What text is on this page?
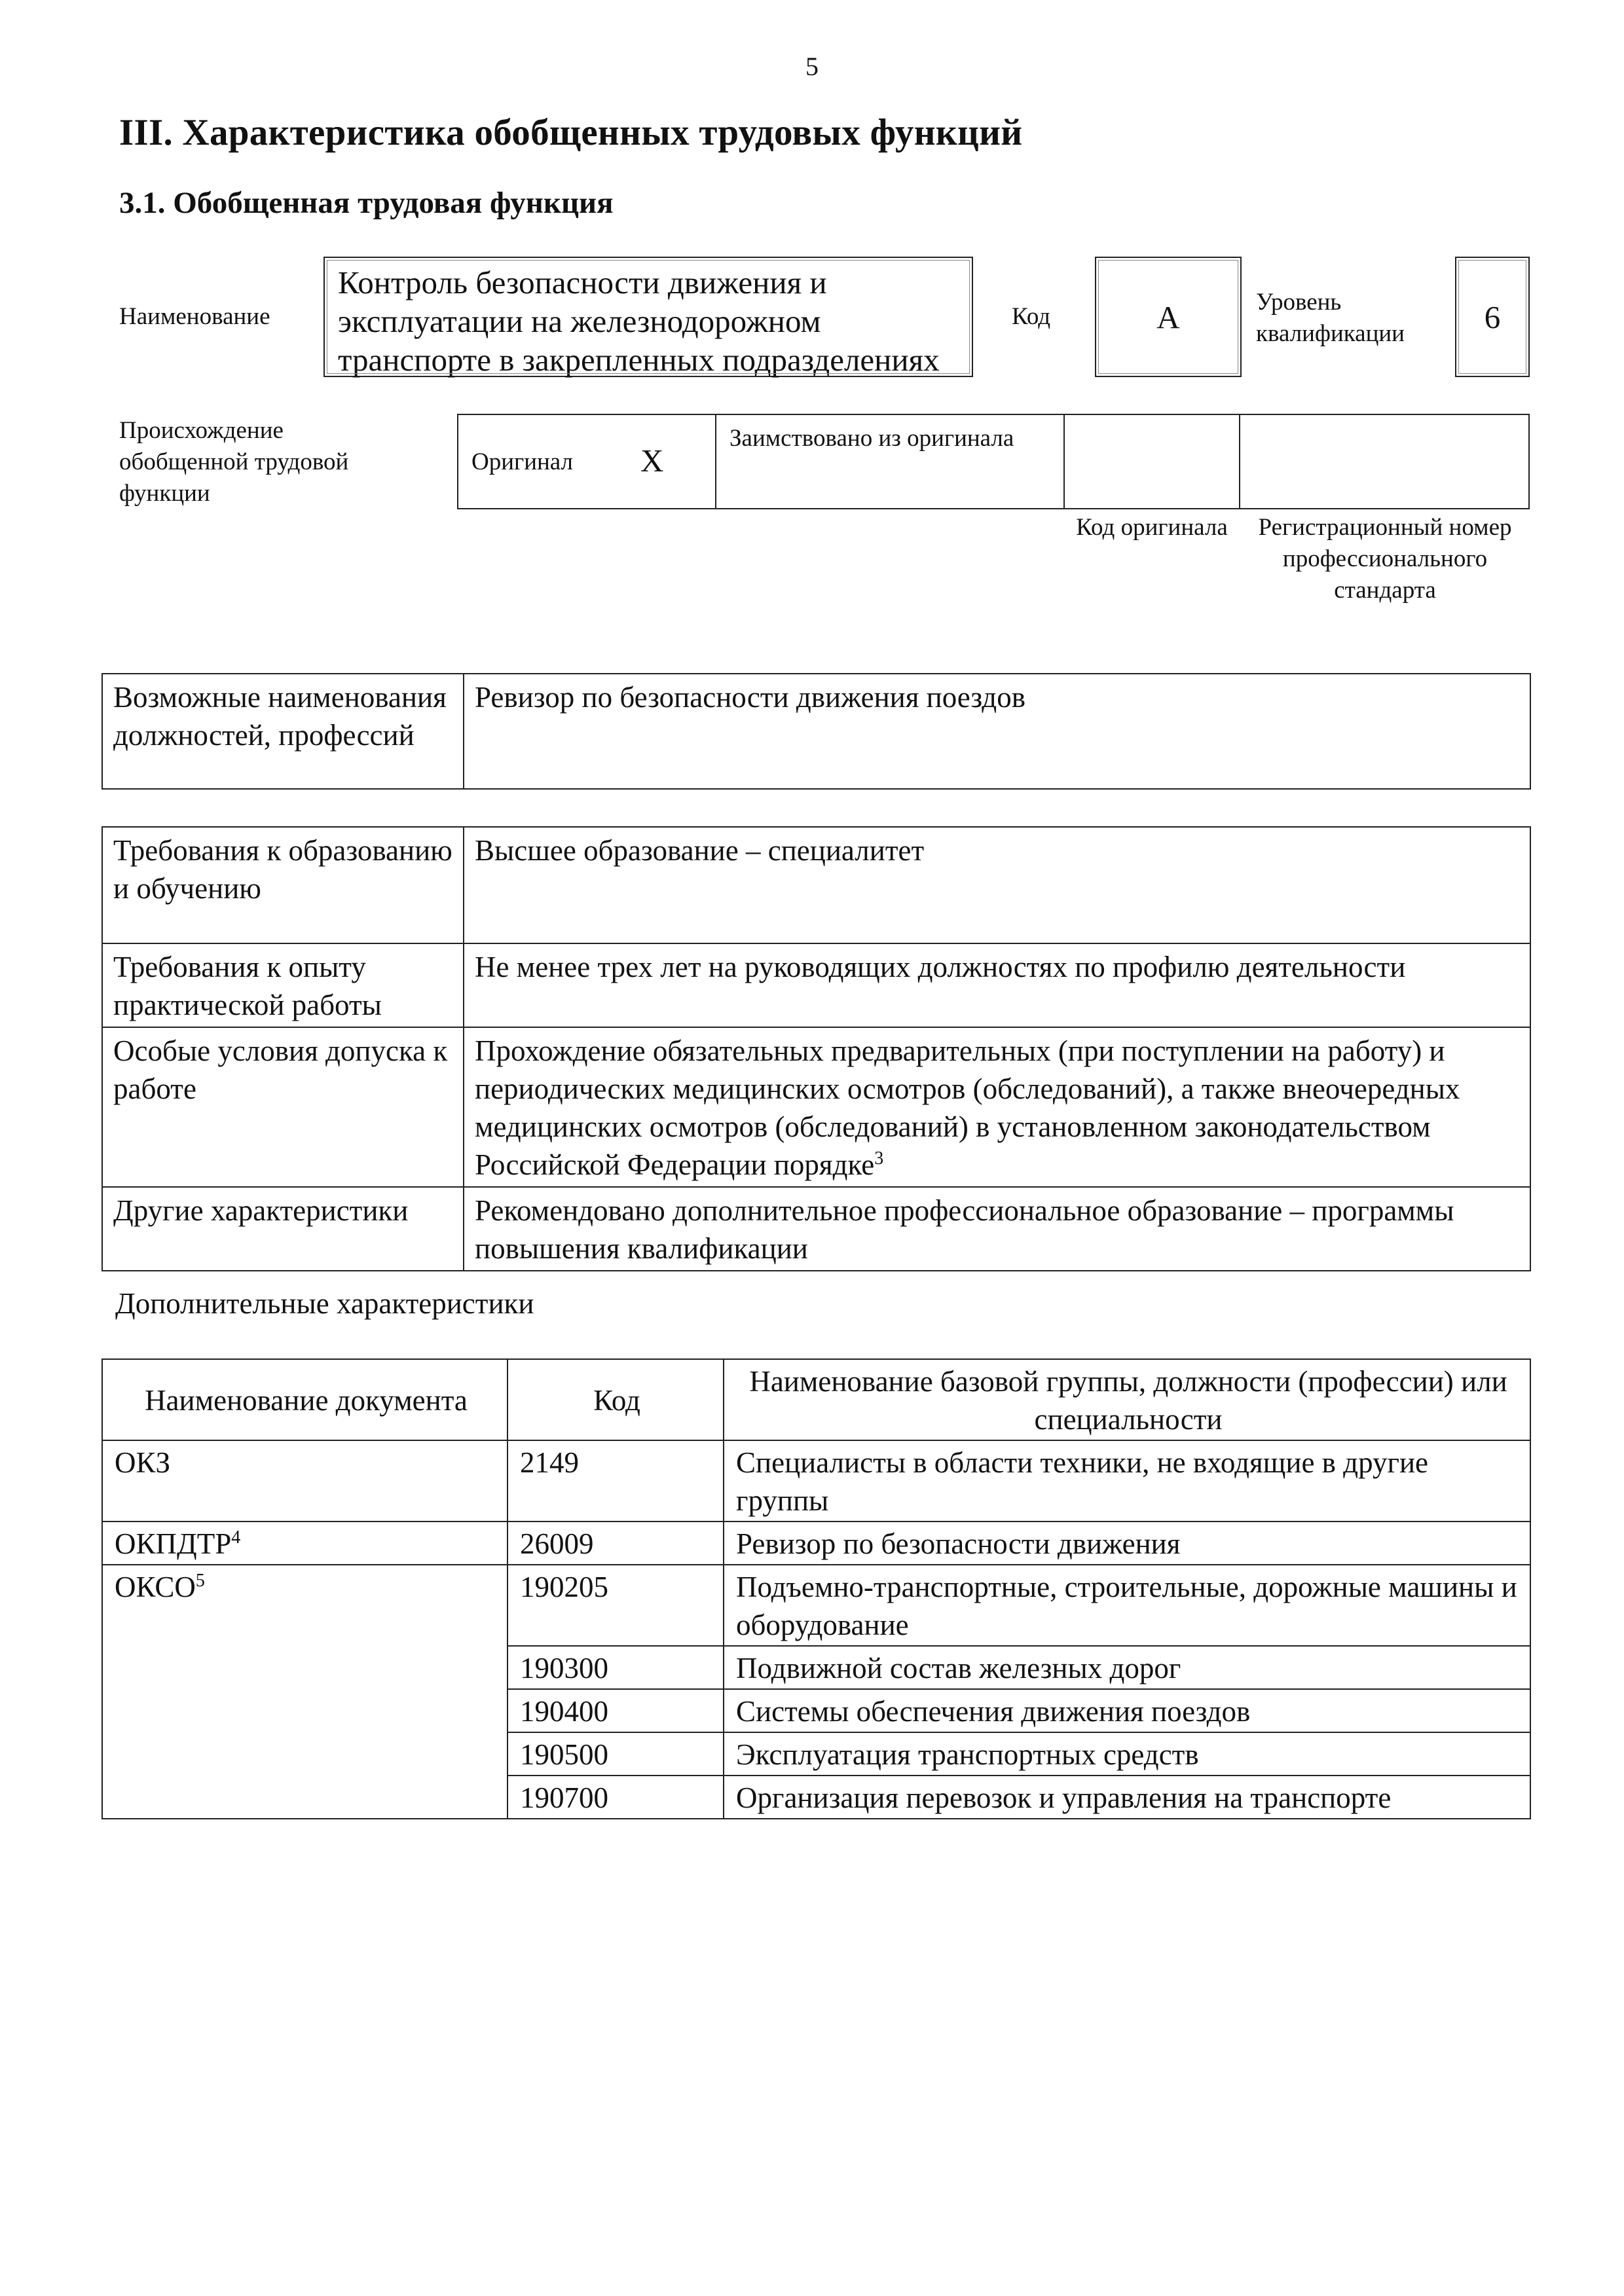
5
III. Характеристика обобщенных трудовых функций
3.1. Обобщенная трудовая функция
Наименование
Контроль безопасности движения и эксплуатации на железнодорожном транспорте в закрепленных подразделениях
Код	А	Уровень квалификации	6
Происхождение обобщенной трудовой функции
Оригинал X
Заимствовано из оригинала
Код оригинала Регистрационный номер профессионального стандарта
Возможные наименования должностей, профессий	Ревизор по безопасности движения поездов
Требования к образованию и обучению	Высшее образование – специалитет
Требования к опыту практической работы	Не менее трех лет на руководящих должностях по профилю деятельности
Особые условия допуска к работе	Прохождение обязательных предварительных (при поступлении на работу) и периодических медицинских осмотров (обследований), а также внеочередных медицинских осмотров (обследований) в установленном законодательством Российской Федерации порядке$^3$
Другие характеристики	Рекомендовано дополнительное профессиональное образование – программы повышения квалификации
Дополнительные характеристики
Наименование документа	Код	Наименование базовой группы, должности (профессии) или специальности
ОКЗ	2149	Специалисты в области техники, не входящие в другие группы
ОКПДТР$^4$	26009	Ревизор по безопасности движения
ОКСО$^5$	190205	Подъемно-транспортные, строительные, дорожные машины и оборудование
	190300	Подвижной состав железных дорог
	190400	Системы обеспечения движения поездов
	190500	Эксплуатация транспортных средств
	190700	Организация перевозок и управления на транспорте
